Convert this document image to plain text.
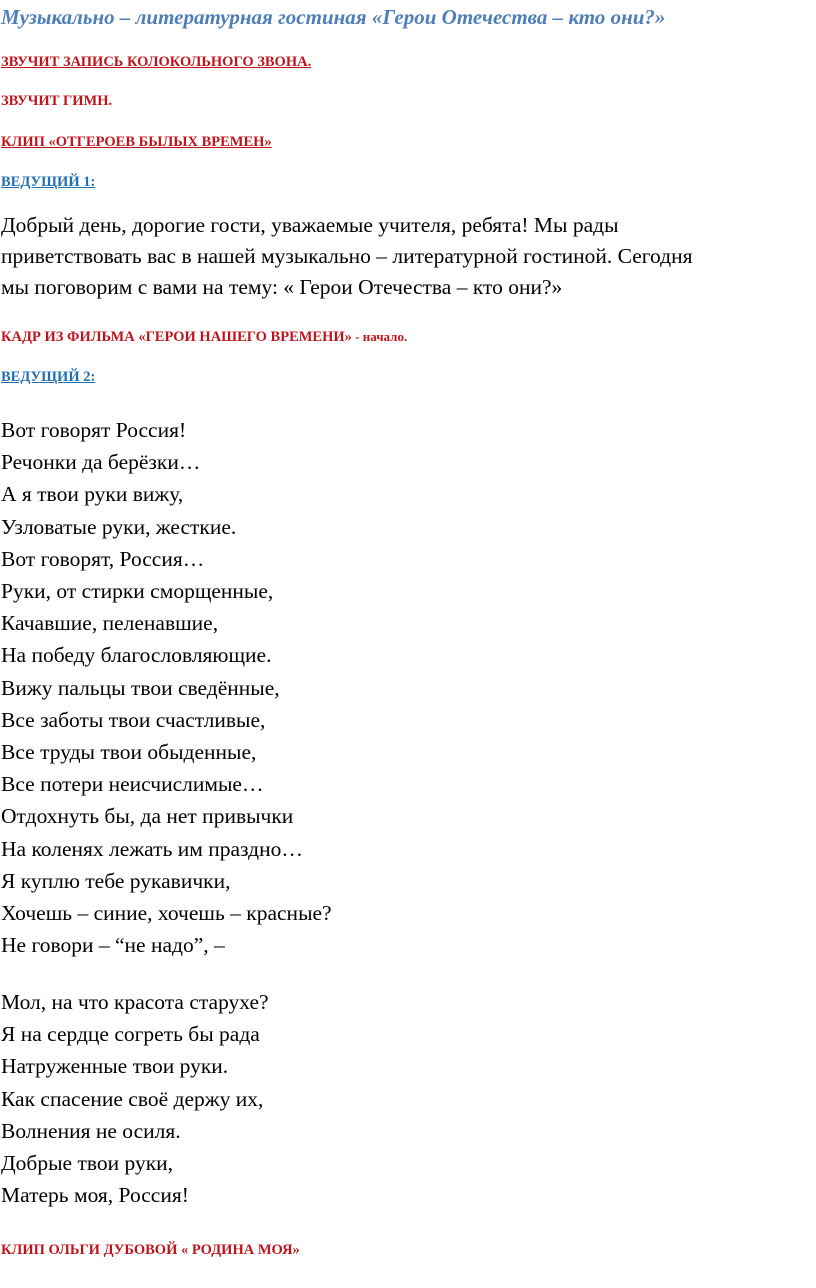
Музыкально – литературная гостиная «Герои Отечества – кто они?»

ЗВУЧИТ ЗАПИСЬ КОЛОКОЛЬНОГО ЗВОНА.

ЗВУЧИТ ГИМН.

КЛИП «ОТГЕРОЕВ БЫЛЫХ ВРЕМЕН»

ВЕДУЩИЙ 1:

Добрый день, дорогие гости, уважаемые учителя, ребята! Мы рады
приветствовать вас в нашей музыкально – литературной гостиной. Сегодня
мы поговорим с вами на тему: « Герои Отечества – кто они?»

КАДР ИЗ ФИЛЬМА «ГЕРОИ НАШЕГО ВРЕМЕНИ» - начало.

ВЕДУЩИЙ 2:

Вот говорят Россия!
Речонки да берёзки…
А я твои руки вижу,
Узловатые руки, жесткие.
Вот говорят, Россия…
Руки, от стирки сморщенные,
Качавшие, пеленавшие,
На победу благословляющие.
Вижу пальцы твои сведённые,
Все заботы твои счастливые,
Все труды твои обыденные,
Все потери неисчислимые…
Отдохнуть бы, да нет привычки
На коленях лежать им праздно…
Я куплю тебе рукавички,
Хочешь – синие, хочешь – красные?
Не говори – “не надо”, –
Мол, на что красота старухе?
Я на сердце согреть бы рада
Натруженные твои руки.
Как спасение своё держу их,
Волнения не осиля.
Добрые твои руки,
Матерь моя, Россия!

КЛИП ОЛЬГИ ДУБОВОЙ « РОДИНА МОЯ»
